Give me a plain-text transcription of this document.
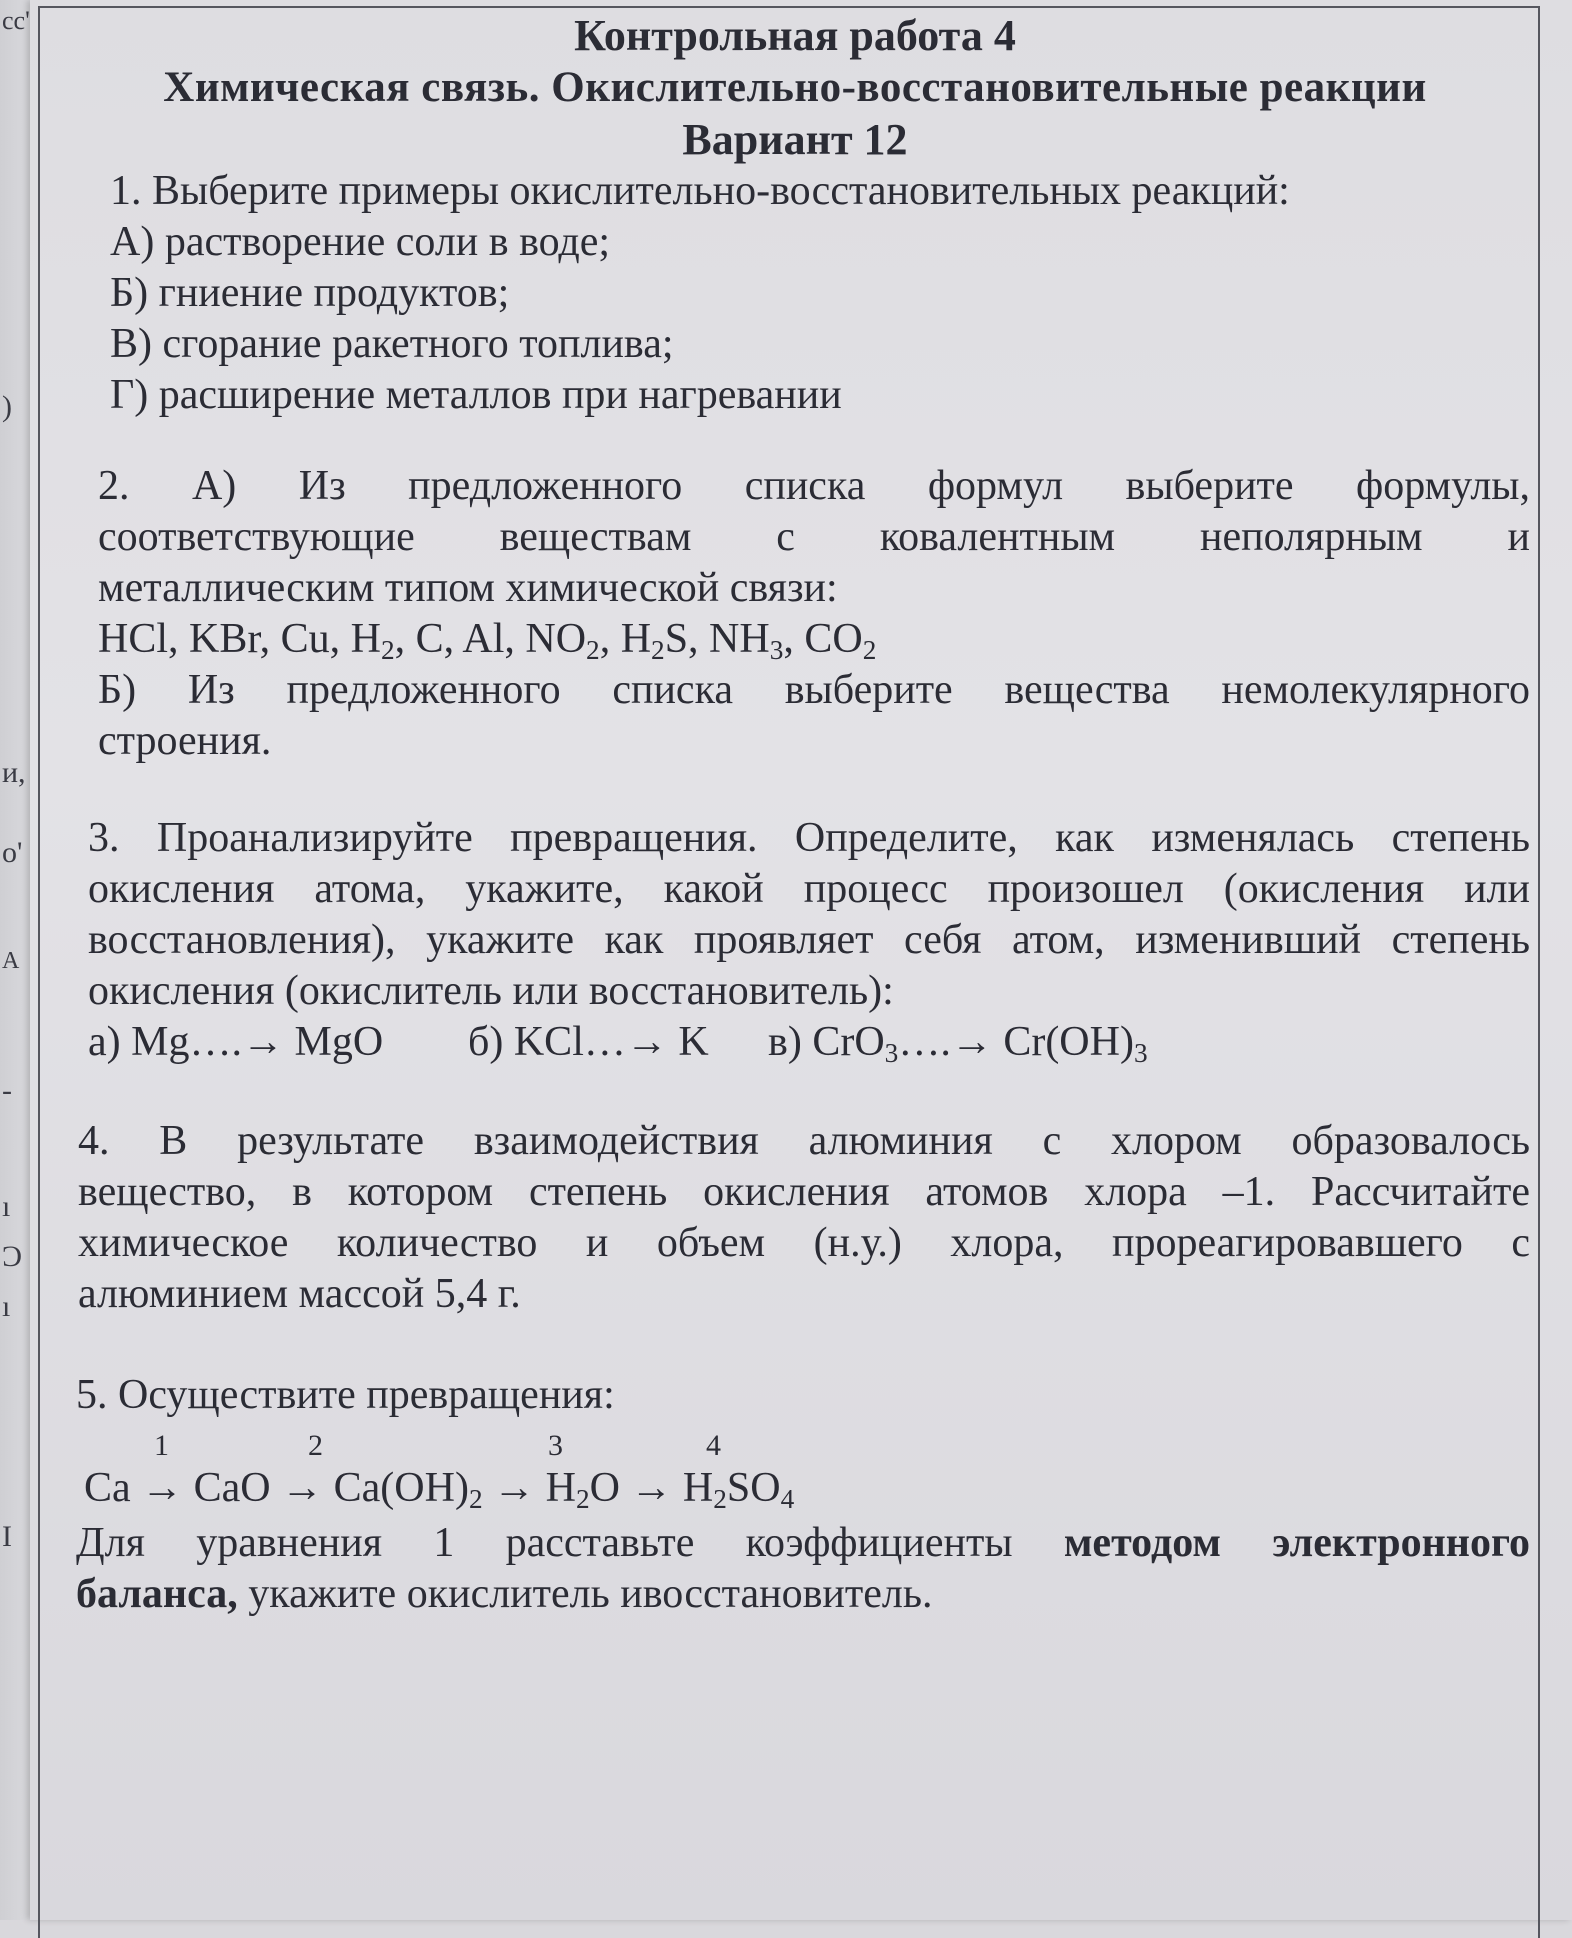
cc'
)
и,
о'
A
-
ı
Ɔ
ı
I

Контрольная работа 4

Химическая связь. Окислительно-восстановительные реакции

Вариант 12

1. Выберите примеры окислительно-восстановительных реакций:

А) растворение соли в воде;

Б) гниение продуктов;

В) сгорание ракетного топлива;

Г) расширение металлов при нагревании

2. А) Из предложенного списка формул выберите формулы,

соответствующие веществам с ковалентным неполярным и

металлическим типом химической связи:

HCl, KBr, Cu, $H_2$, C, Al, $NO_2$, $H_2S$, $NH_3$, $CO_2$

Б) Из предложенного списка выберите вещества немолекулярного

строения.

3. Проанализируйте превращения. Определите, как изменялась степень

окисления атома, укажите, какой процесс произошел (окисления или

восстановления), укажите как проявляет себя атом, изменивший степень

окисления (окислитель или восстановитель):

а) Mg….→ MgO б) KCl…→ K в) CrO$_3$….→ $Cr(OH)_3$

4. В результате взаимодействия алюминия с хлором образовалось

вещество, в котором степень окисления атомов хлора –1. Рассчитайте

химическое количество и объем (н.у.) хлора, прореагировавшего с

алюминием массой 5,4 г.

5. Осуществите превращения:

1	2	3	4

Ca → CaO → $Ca(OH)_2 \to H_2O \to H_2SO_4$

Для уравнения 1 расставьте коэффициенты методом электронного

баланса, укажите окислитель ивосстановитель.
